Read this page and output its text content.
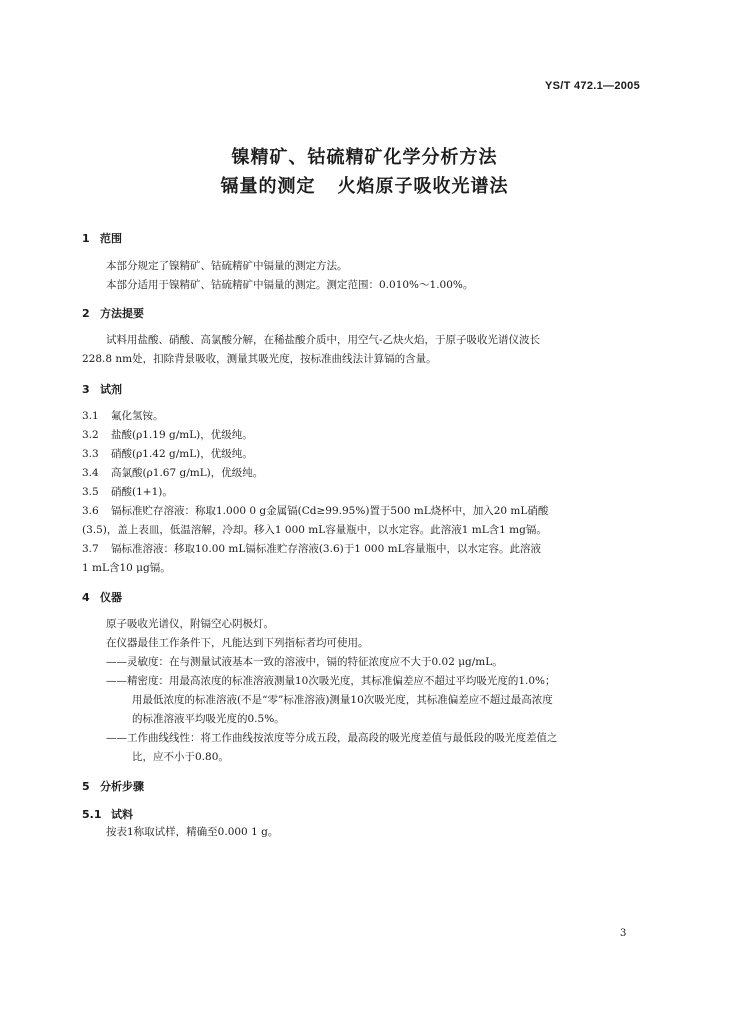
YS/T 472.1—2005
镍精矿、钴硫精矿化学分析方法
镉量的测定 火焰原子吸收光谱法
1 范围
本部分规定了镍精矿、钴硫精矿中镉量的测定方法。
本部分适用于镍精矿、钴硫精矿中镉量的测定。测定范围：0.010%～1.00%。
2 方法提要
试料用盐酸、硝酸、高氯酸分解，在稀盐酸介质中，用空气-乙炔火焰，于原子吸收光谱仪波长
228.8 nm处，扣除背景吸收，测量其吸光度，按标准曲线法计算镉的含量。
3 试剂
3.1 氟化氢铵。
3.2 盐酸(ρ1.19 g/mL)，优级纯。
3.3 硝酸(ρ1.42 g/mL)，优级纯。
3.4 高氯酸(ρ1.67 g/mL)，优级纯。
3.5 硝酸(1+1)。
3.6 镉标准贮存溶液：称取1.000 0 g金属镉(Cd≥99.95%)置于500 mL烧杯中，加入20 mL硝酸
(3.5)，盖上表皿，低温溶解，冷却。移入1 000 mL容量瓶中，以水定容。此溶液1 mL含1 mg镉。
3.7 镉标准溶液：移取10.00 mL镉标准贮存溶液(3.6)于1 000 mL容量瓶中，以水定容。此溶液
1 mL含10 μg镉。
4 仪器
原子吸收光谱仪，附镉空心阴极灯。
在仪器最佳工作条件下，凡能达到下列指标者均可使用。
——灵敏度：在与测量试液基本一致的溶液中，镉的特征浓度应不大于0.02 μg/mL。
——精密度：用最高浓度的标准溶液测量10次吸光度，其标准偏差应不超过平均吸光度的1.0%；
用最低浓度的标准溶液(不是“零”标准溶液)测量10次吸光度，其标准偏差应不超过最高浓度
的标准溶液平均吸光度的0.5%。
——工作曲线线性：将工作曲线按浓度等分成五段，最高段的吸光度差值与最低段的吸光度差值之
比，应不小于0.80。
5 分析步骤
5.1 试料
按表1称取试样，精确至0.000 1 g。
3
